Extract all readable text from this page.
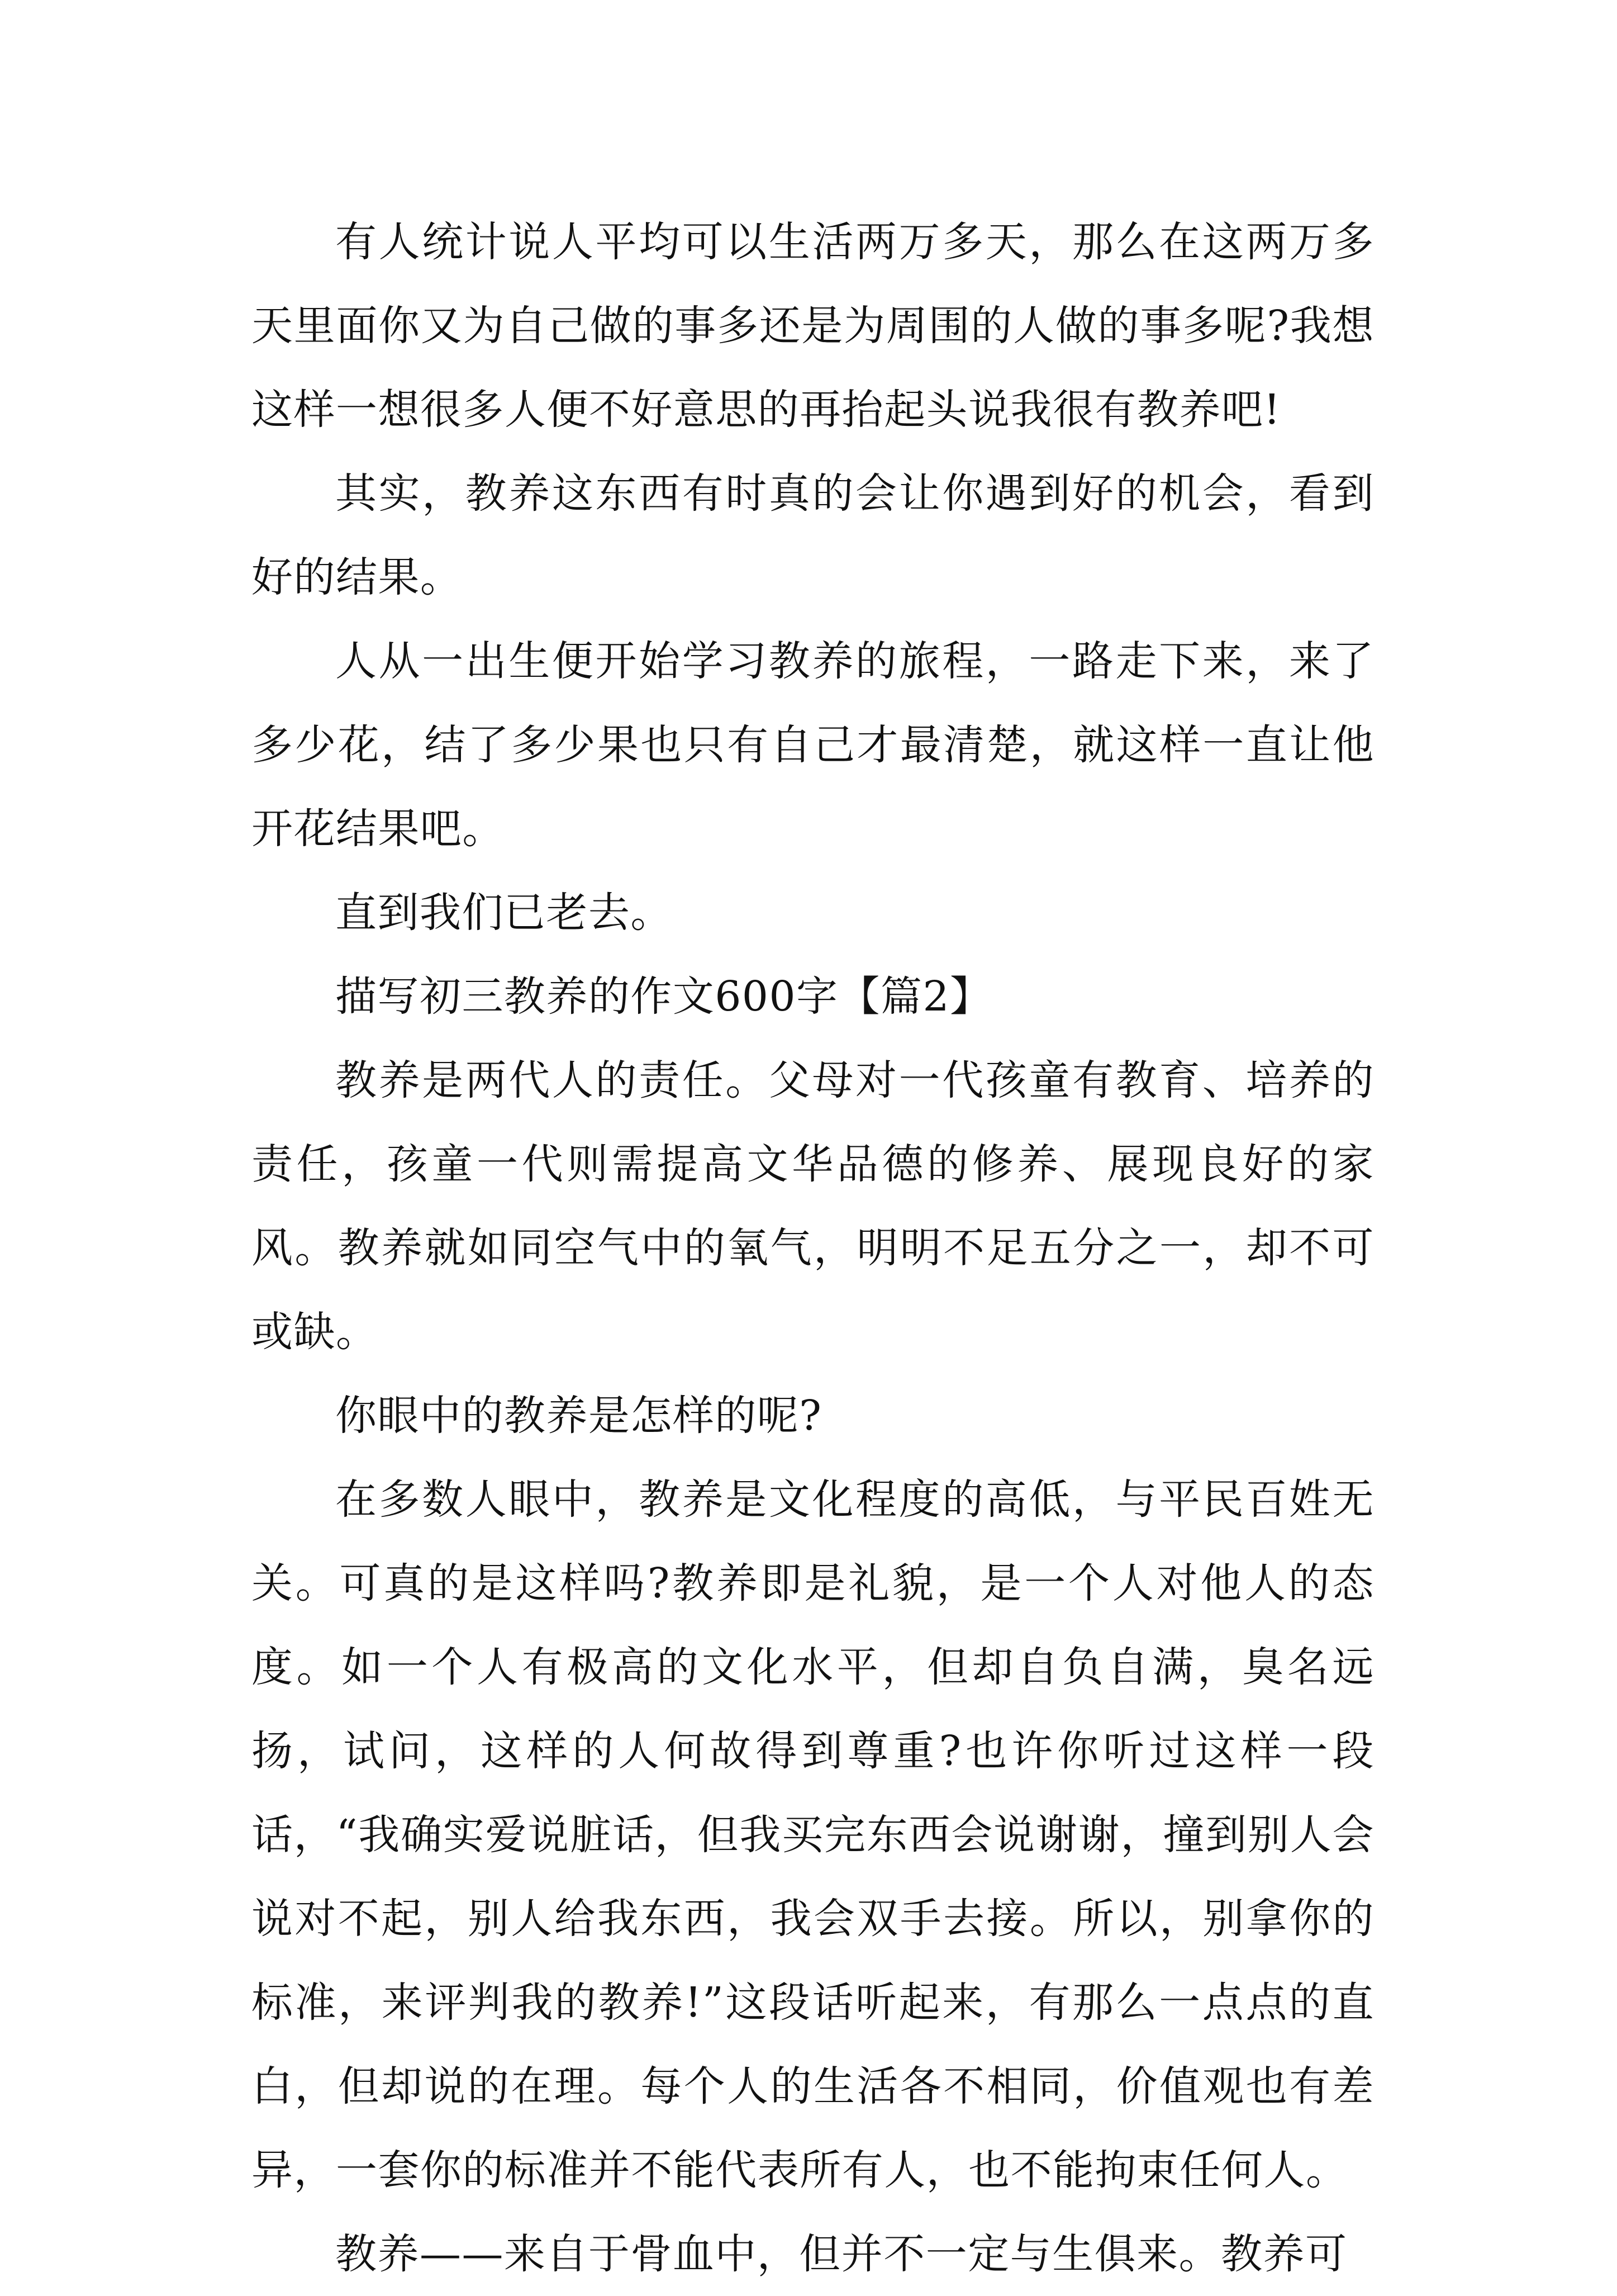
有人统计说人平均可以生活两万多天，那么在这两万多天里面你又为自己做的事多还是为周围的人做的事多呢?我想这样一想很多人便不好意思的再抬起头说我很有教养吧!

其实，教养这东西有时真的会让你遇到好的机会，看到好的结果。

人从一出生便开始学习教养的旅程，一路走下来，来了多少花，结了多少果也只有自己才最清楚，就这样一直让他开花结果吧。

直到我们已老去。

描写初三教养的作文600字【篇2】

教养是两代人的责任。父母对一代孩童有教育、培养的责任，孩童一代则需提高文华品德的修养、展现良好的家风。教养就如同空气中的氧气，明明不足五分之一，却不可或缺。

你眼中的教养是怎样的呢?

在多数人眼中，教养是文化程度的高低，与平民百姓无关。可真的是这样吗?教养即是礼貌，是一个人对他人的态度。如一个人有极高的文化水平，但却自负自满，臭名远扬，试问，这样的人何故得到尊重?也许你听过这样一段话，“我确实爱说脏话，但我买完东西会说谢谢，撞到别人会说对不起，别人给我东西，我会双手去接。所以，别拿你的标准，来评判我的教养!”这段话听起来，有那么一点点的直白，但却说的在理。每个人的生活各不相同，价值观也有差异，一套你的标准并不能代表所有人，也不能拘束任何人。

教养——来自于骨血中，但并不一定与生俱来。教养可
